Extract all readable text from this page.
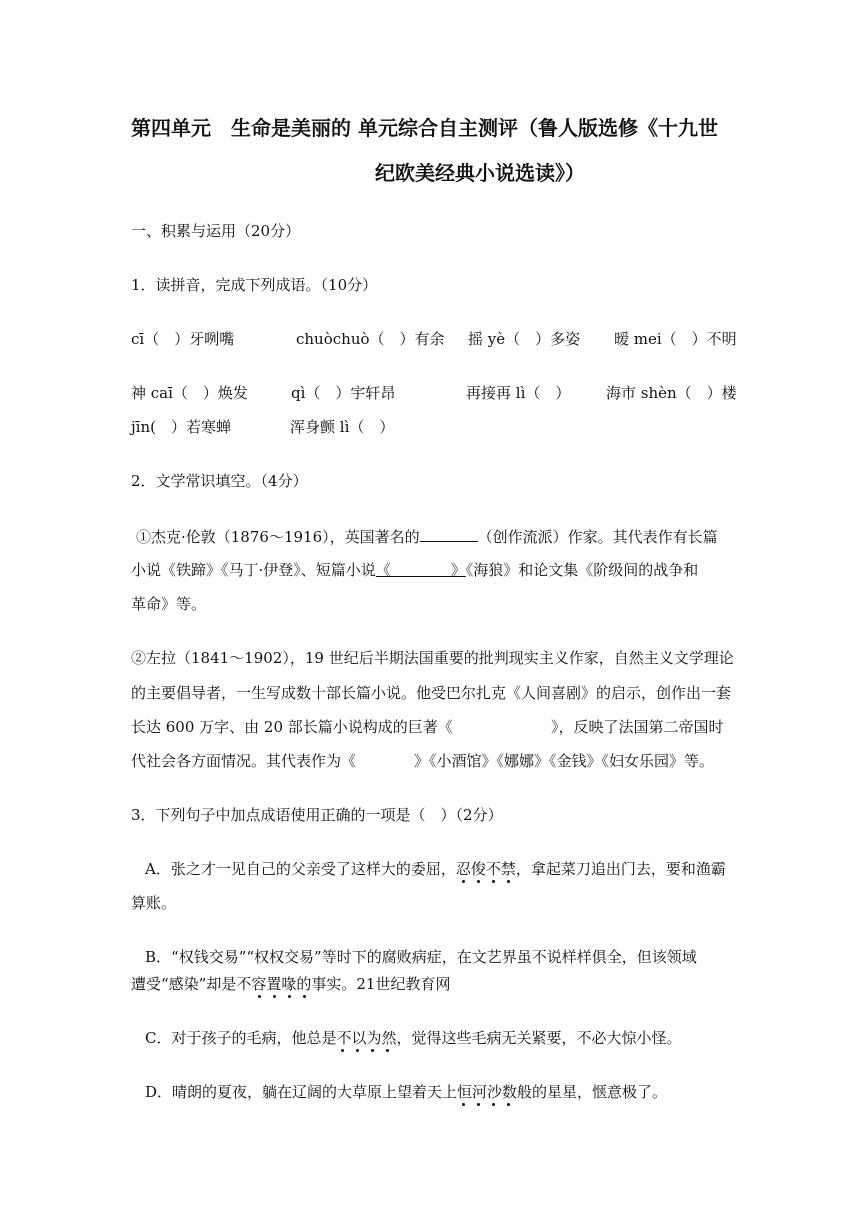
第四单元　生命是美丽的 单元综合自主测评（鲁人版选修《十九世
纪欧美经典小说选读》）
一、积累与运用（20分）
1．读拼音，完成下列成语。（10分）
cī（　）牙咧嘴	chuòchuò（　）有余 摇 yè（　）多姿 暧 mei（　）不明
神 caī（　）焕发	qì（　）宇轩昂	再接再 lì（　） 海市 shèn（　）楼
jīn(　）若寒蝉	浑身颤 lì（　）
2．文学常识填空。（4分）
①杰克·伦敦（1876～1916），英国著名的	（创作流派）作家。其代表作有长篇
小说《铁蹄》《马丁·伊登》、短篇小说《　　　　》《海狼》和论文集《阶级间的战争和
革命》等。
②左拉（1841～1902），19 世纪后半期法国重要的批判现实主义作家，自然主义文学理论
的主要倡导者，一生写成数十部长篇小说。他受巴尔扎克《人间喜剧》的启示，创作出一套
长达 600 万字、由 20 部长篇小说构成的巨著《	》，反映了法国第二帝国时
代社会各方面情况。其代表作为《	》《小酒馆》《娜娜》《金钱》《妇女乐园》等。
3．下列句子中加点成语使用正确的一项是（　）（2分）
A．张之才一见自己的父亲受了这样大的委屈，忍俊不禁，拿起菜刀追出门去，要和渔霸
算账。
B．“权钱交易”“权权交易”等时下的腐败病症，在文艺界虽不说样样俱全，但该领域
遭受“感染”却是不容置喙的事实。21世纪教育网
C．对于孩子的毛病，他总是不以为然，觉得这些毛病无关紧要，不必大惊小怪。
D．晴朗的夏夜，躺在辽阔的大草原上望着天上恒河沙数般的星星，惬意极了。
